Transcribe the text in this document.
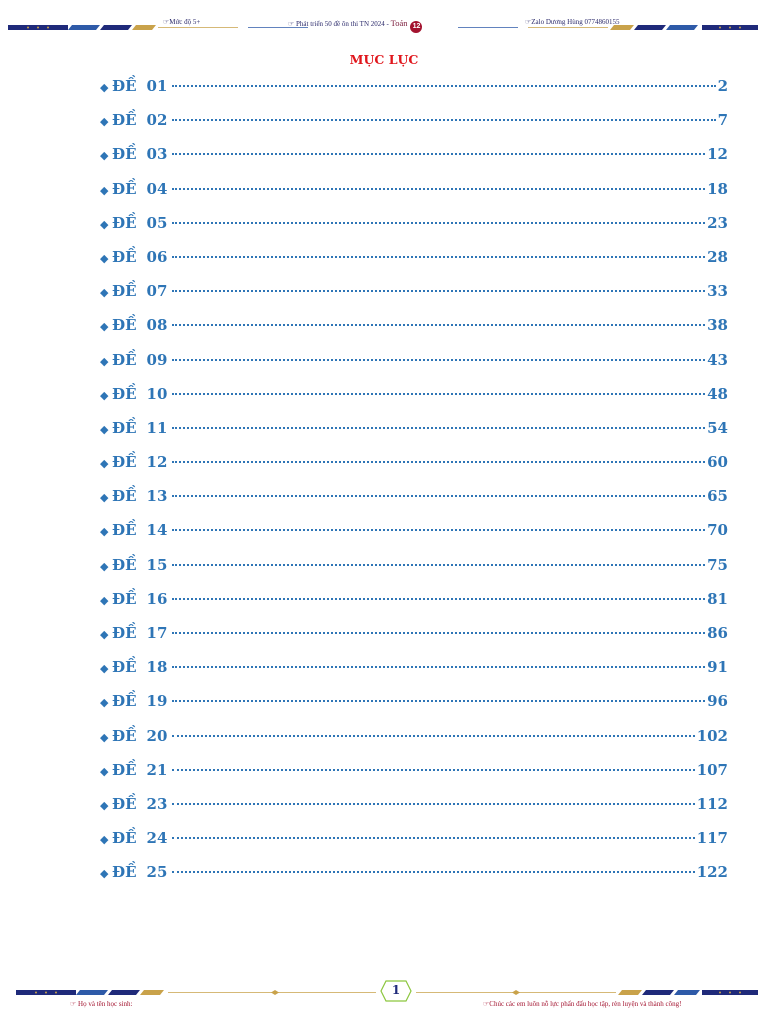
☞Mức độ 5+	☞ Phát triển 50 đề ôn thi TN 2024 - Toán 12
☞Zalo Dương Hùng 0774860155
MỤC LỤC
◆ ĐỀ 01	2
◆ ĐỀ 02	7
◆ ĐỀ 03	12
◆ ĐỀ 04	18
◆ ĐỀ 05	23
◆ ĐỀ 06	28
◆ ĐỀ 07	33
◆ ĐỀ 08	38
◆ ĐỀ 09	43
◆ ĐỀ 10	48
◆ ĐỀ 11	54
◆ ĐỀ 12	60
◆ ĐỀ 13	65
◆ ĐỀ 14	70
◆ ĐỀ 15	75
◆ ĐỀ 16	81
◆ ĐỀ 17	86
◆ ĐỀ 18	91
◆ ĐỀ 19	96
◆ ĐỀ 20	102
◆ ĐỀ 21	107
◆ ĐỀ 23	112
◆ ĐỀ 24	117
◆ ĐỀ 25	122
1
☞ Họ và tên học sinh:	☞Chúc các em luôn nỗ lực phấn đấu học tập, rèn luyện và thành công!
